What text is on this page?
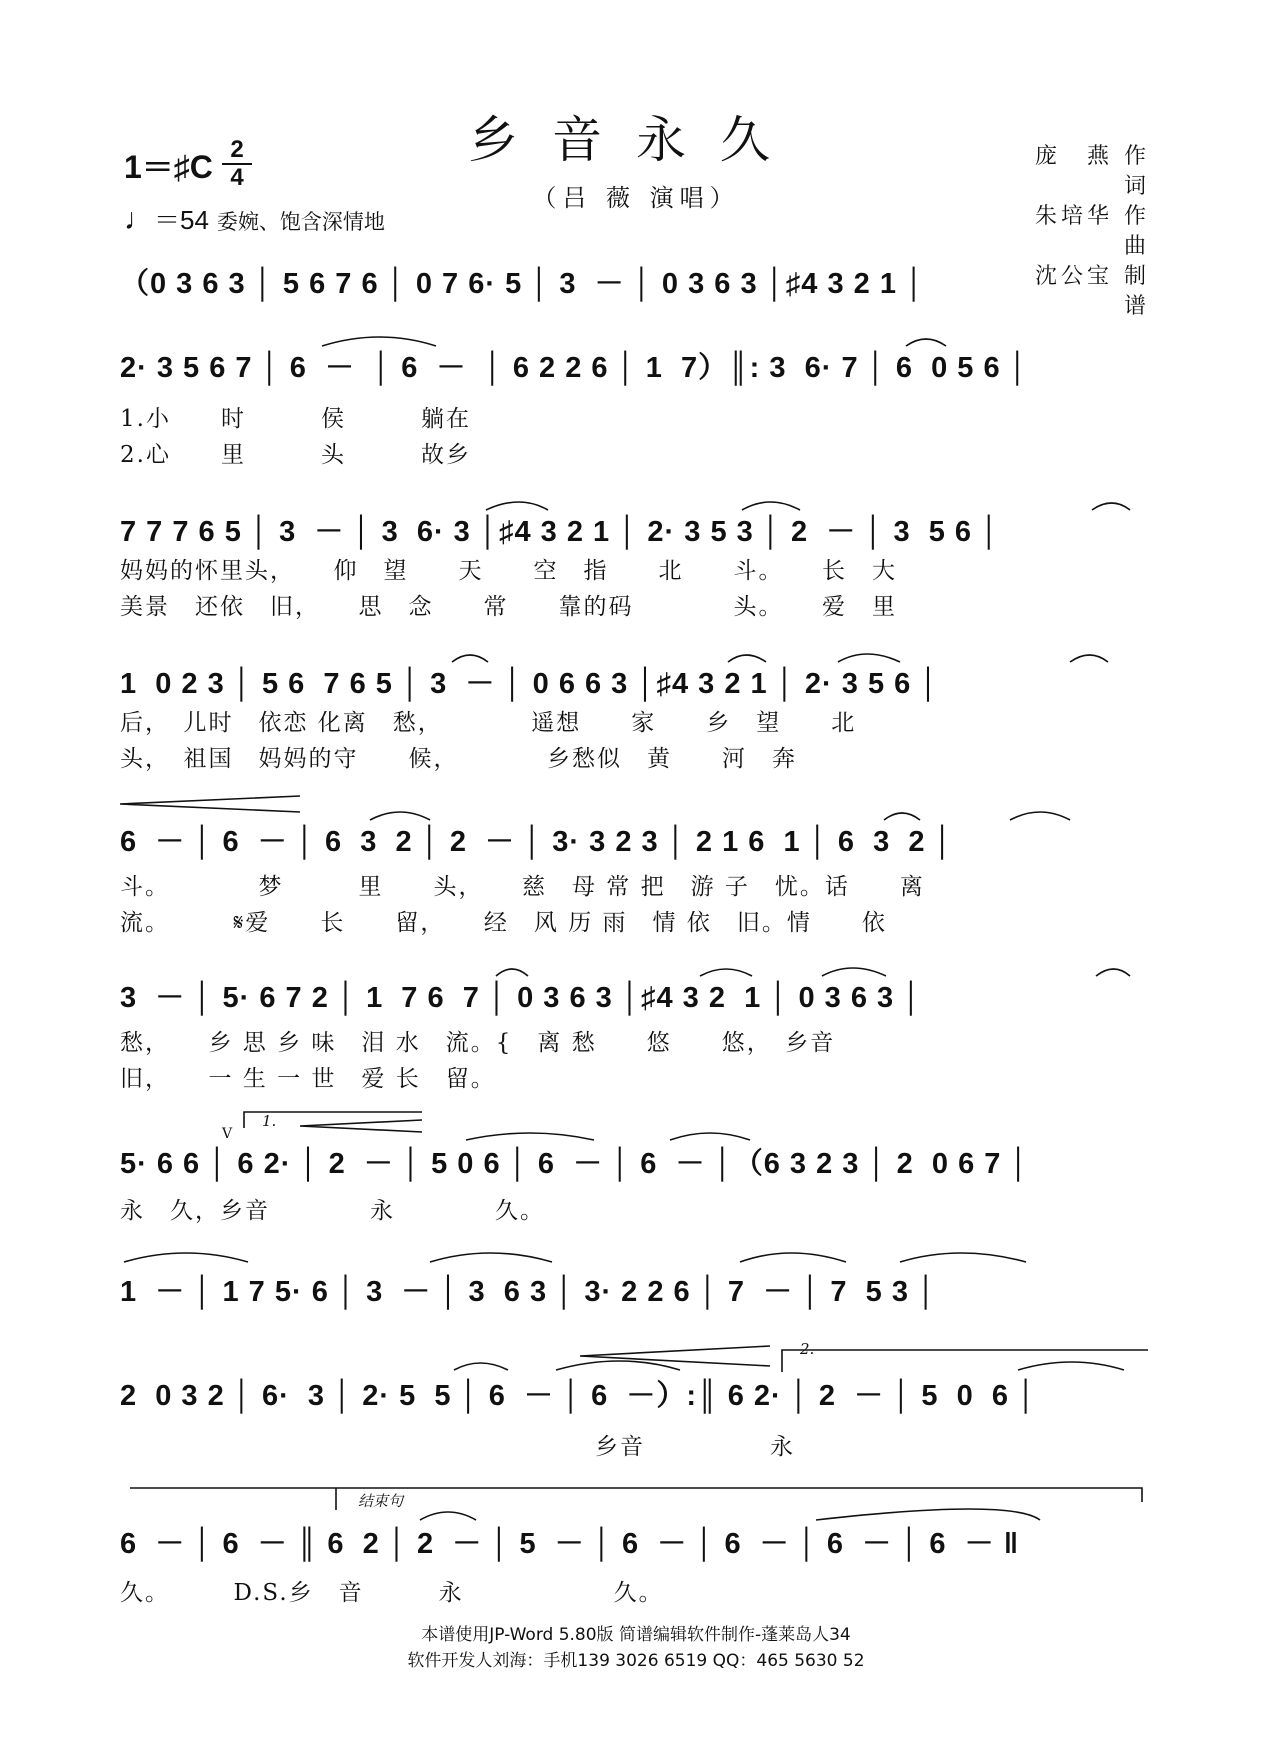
乡音永久
（吕 薇 演唱）
1＝♯C 2
4
♩＝54 委婉、饱含深情地
庞　燕 作词
朱培华 作曲
沈公宝 制谱
（0 3 6 3 │ 5 6 7 6 │ 0 7 6· 5 │ 3  － │ 0 3 6 3 │♯4 3 2 1 │
2· 3 5 6 7 │ 6  －  │ 6  －  │ 6 2 2 6 │ 1  7）║: 3  6· 7 │ 6  0 5 6 │
1.小　　时　　　侯　　　躺在
2.心　　里　　　头　　　故乡
7 7 7 6 5 │ 3  － │ 3  6· 3 │♯4 3 2 1 │ 2· 3 5 3 │ 2  － │ 3  5 6 │
妈妈的怀里头，　　仰　望　　天　　空　指　　北　　斗。　　长　大
美景　还依　旧，　　思　念　　常　　靠的码　　　　头。　　爱　里
1  0 2 3 │ 5 6  7 6 5 │ 3  － │ 0 6 6 3 │♯4 3 2 1 │ 2· 3 5 6 │
后，　儿时　依恋 化离　愁，　　　　遥想　　家　　乡　望　　北
头，　祖国　妈妈的守　　候，　　　　乡愁似　黄　　河　奔
6  － │ 6  － │ 6  3  2 │ 2  － │ 3· 3 2 3 │ 2 1 6  1 │ 6  3  2 │
斗。　　　　梦　　　里　　头，　　慈　母 常 把　游 子　忧。话　　离
流。　　　𝄋爱　　长　　留，　　经　风 历 雨　情 依　旧。情　　依
3  － │ 5· 6 7 2 │ 1  7 6  7 │ 0 3 6 3 │♯4 3 2  1 │ 0 3 6 3 │
愁，　　乡 思 乡 味　泪 水　流。{　离 愁　　悠　　悠，　乡音
旧，　　一 生 一 世　爱 长　留。
5· 6 6 │ 6 2· │ 2  － │ 5 0 6 │ 6  － │ 6  － │（6 3 2 3 │ 2  0 6 7 │
永　久，乡音　　　　永　　　　久。
1  － │ 1 7 5· 6 │ 3  － │ 3  6 3 │ 3· 2 2 6 │ 7  － │ 7  5 3 │
2  0 3 2 │ 6·  3 │ 2· 5  5 │ 6  － │ 6  －）:║ 6 2· │ 2  － │ 5  0  6 │
　　　　　　　　　　　　　　　　　　　乡音　　　　　永
6  － │ 6  － ║ 6  2 │ 2  － │ 5  － │ 6  － │ 6  － │ 6  － │ 6  － ‖
久。　　　D.S.乡　音　　　永　　　　　　久。
1.
2.
结束句
V
本谱使用JP-Word 5.80版 简谱编辑软件制作-蓬莱岛人34
软件开发人刘海：手机139 3026 6519 QQ：465 5630 52
